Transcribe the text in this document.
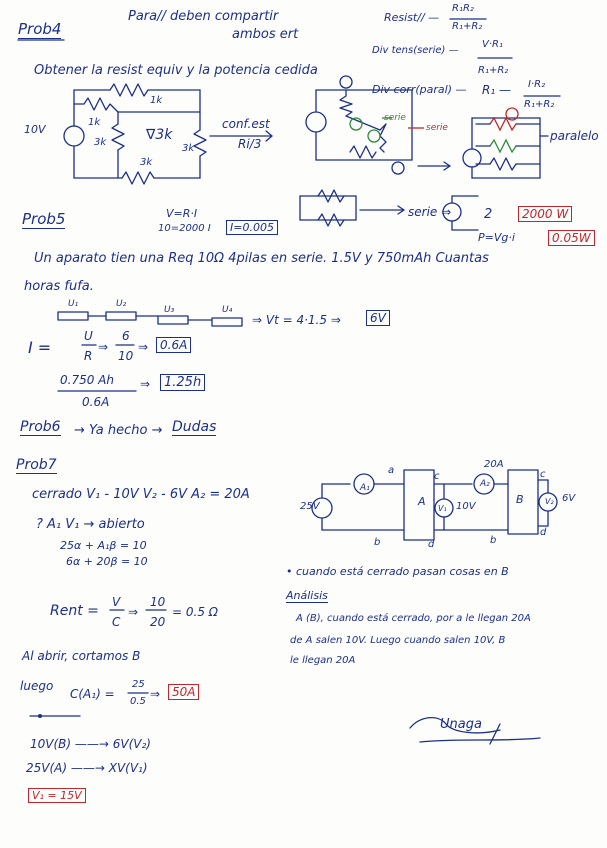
Prob4
Para// deben compartir
ambos ert
Resist// —
R₁R₂
R₁+R₂
Div tens(serie) —
V·R₁
R₁+R₂
Div corr(paral) — R₁ — I·R₂
R₁+R₂
Obtener la resist equiv y la potencia cedida
10V
1k
1k
3k
3k
3k
∇3k
conf.est
Ri/3
serie
serie
paralelo
serie ⇒	2
P=Vg·i
2000 W
0.05W
Prob5	V=R·I
10=2000 I	I=0.005
Un aparato tien una Req 10Ω 4pilas en serie. 1.5V y 750mAh Cuantas
horas fufa.
U₁	U₂
U₃	U₄
⇒ Vt = 4·1.5 ⇒	6V
I =
U
R
⇒
6
10
⇒ 0.6A
0.750 Ah
0.6A
⇒	1.25h
Prob6 → Ya hecho → Dudas
Prob7
cerrado V₁ - 10V V₂ - 6V A₂ = 20A
? A₁ V₁ → abierto
25α + A₁β = 10
6α + 20β = 10
Rent =
V
C
⇒
10
20
= 0.5 Ω
25V
A₁
a
c
A₂
20A
c
6V
A
V₁ 10V
B	V₂
b	d	b
d
• cuando está cerrado pasan cosas en B
Análisis
A (B), cuando está cerrado, por a le llegan 20A
de A salen 10V. Luego cuando salen 10V, B
le llegan 20A
Al abrir, cortamos B
luego
C(A₁) =
25
0.5
⇒ 50A
10V(B) ——→ 6V(V₂)
25V(A) ——→ XV(V₁)
V₁ = 15V
Unaga
